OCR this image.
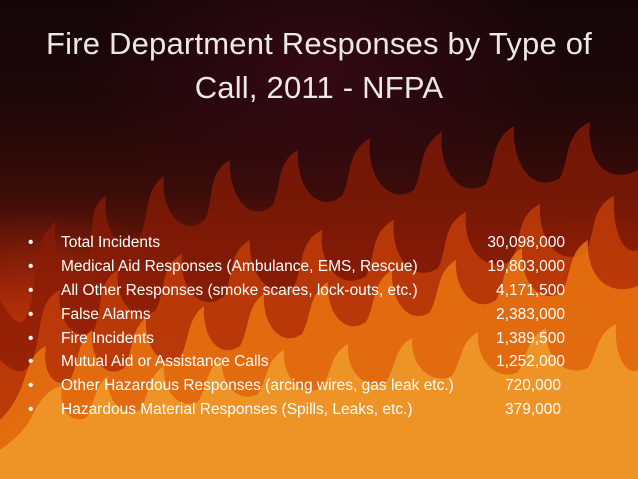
Fire Department Responses by Type of Call, 2011 - NFPA
• Total Incidents	30,098,000
• Medical Aid Responses (Ambulance, EMS, Rescue)	19,803,000
• All Other Responses (smoke scares, lock-outs, etc.)	4,171,500
• False Alarms	2,383,000
• Fire Incidents	1,389,500
• Mutual Aid or Assistance Calls	1,252,000
• Other Hazardous Responses (arcing wires, gas leak etc.)	720,000
• Hazardous Material Responses (Spills, Leaks, etc.)	379,000
